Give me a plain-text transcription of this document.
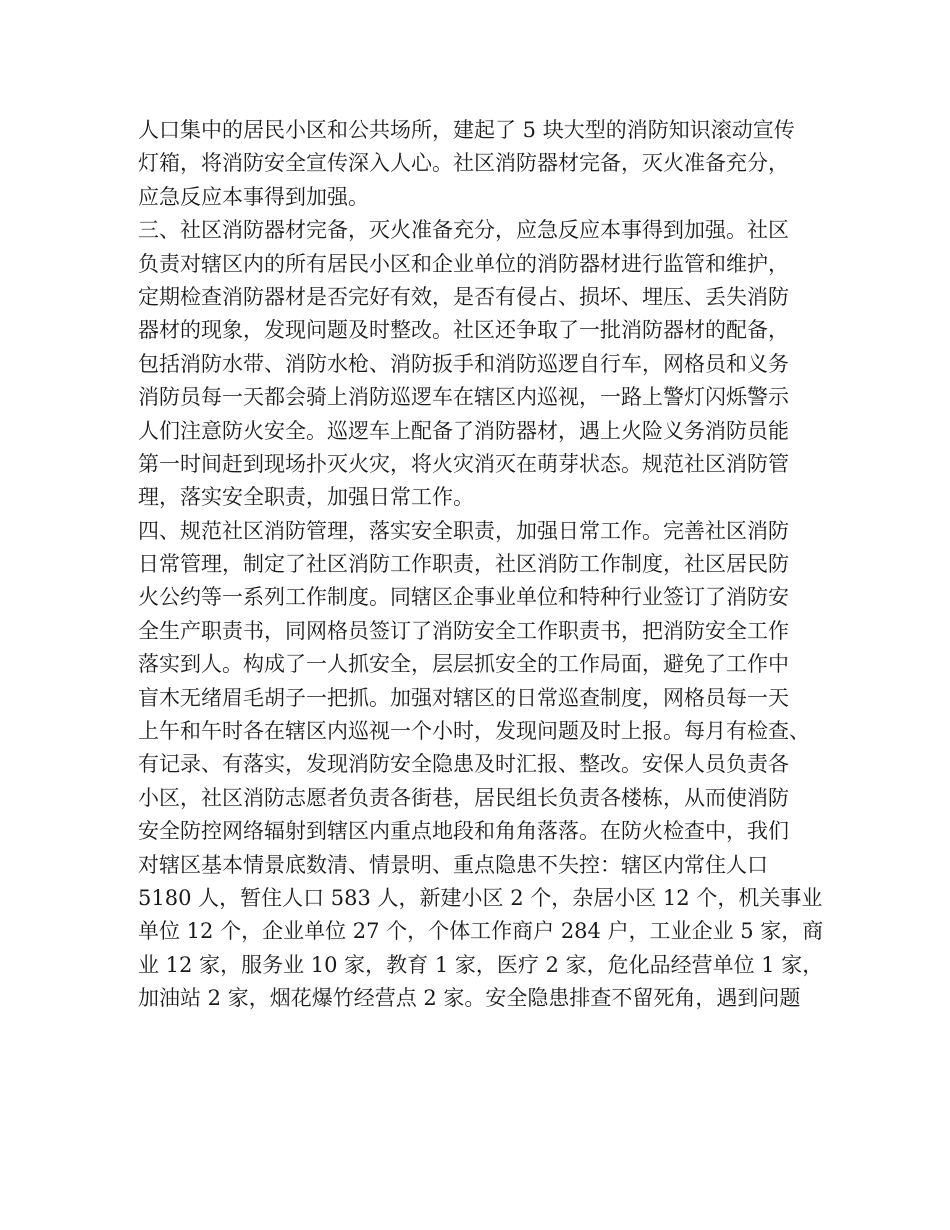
人口集中的居民小区和公共场所，建起了 5 块大型的消防知识滚动宣传
灯箱，将消防安全宣传深入人心。社区消防器材完备，灭火准备充分，
应急反应本事得到加强。
三、社区消防器材完备，灭火准备充分，应急反应本事得到加强。社区
负责对辖区内的所有居民小区和企业单位的消防器材进行监管和维护，
定期检查消防器材是否完好有效，是否有侵占、损坏、埋压、丢失消防
器材的现象，发现问题及时整改。社区还争取了一批消防器材的配备，
包括消防水带、消防水枪、消防扳手和消防巡逻自行车，网格员和义务
消防员每一天都会骑上消防巡逻车在辖区内巡视，一路上警灯闪烁警示
人们注意防火安全。巡逻车上配备了消防器材，遇上火险义务消防员能
第一时间赶到现场扑灭火灾，将火灾消灭在萌芽状态。规范社区消防管
理，落实安全职责，加强日常工作。
四、规范社区消防管理，落实安全职责，加强日常工作。完善社区消防
日常管理，制定了社区消防工作职责，社区消防工作制度，社区居民防
火公约等一系列工作制度。同辖区企事业单位和特种行业签订了消防安
全生产职责书，同网格员签订了消防安全工作职责书，把消防安全工作
落实到人。构成了一人抓安全，层层抓安全的工作局面，避免了工作中
盲木无绪眉毛胡子一把抓。加强对辖区的日常巡查制度，网格员每一天
上午和午时各在辖区内巡视一个小时，发现问题及时上报。每月有检查、
有记录、有落实，发现消防安全隐患及时汇报、整改。安保人员负责各
小区，社区消防志愿者负责各街巷，居民组长负责各楼栋，从而使消防
安全防控网络辐射到辖区内重点地段和角角落落。在防火检查中，我们
对辖区基本情景底数清、情景明、重点隐患不失控：辖区内常住人口
5180 人，暂住人口 583 人，新建小区 2 个，杂居小区 12 个，机关事业
单位 12 个，企业单位 27 个，个体工作商户 284 户，工业企业 5 家，商
业 12 家，服务业 10 家，教育 1 家，医疗 2 家，危化品经营单位 1 家，
加油站 2 家，烟花爆竹经营点 2 家。安全隐患排查不留死角，遇到问题
